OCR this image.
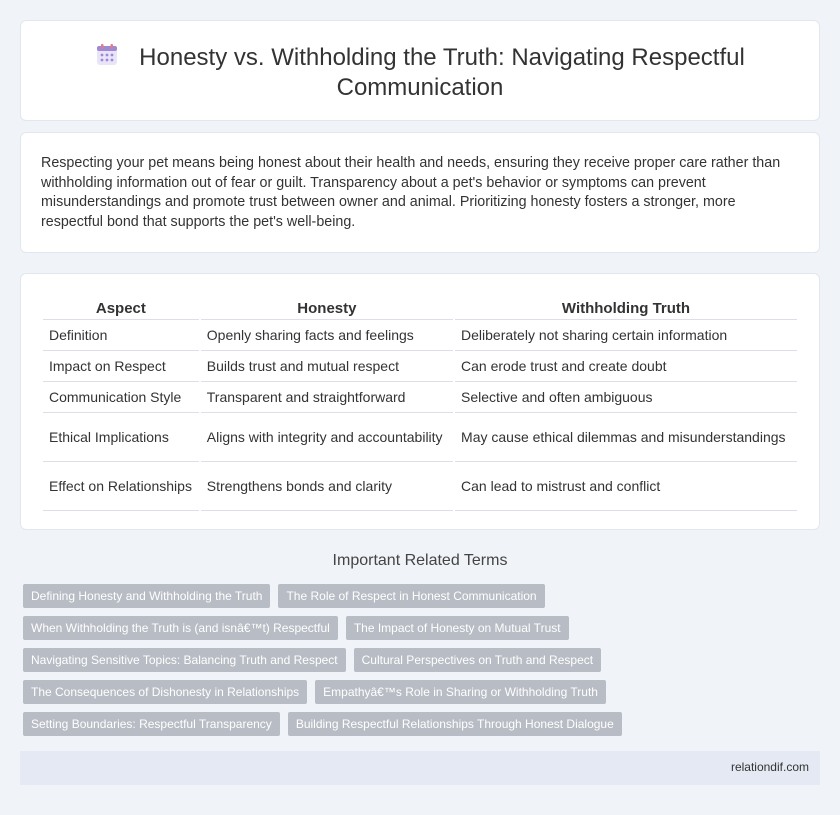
Honesty vs. Withholding the Truth: Navigating Respectful
Communication

Respecting your pet means being honest about their health and needs, ensuring they receive proper care rather than withholding information out of fear or guilt. Transparency about a pet's behavior or symptoms can prevent misunderstandings and promote trust between owner and animal. Prioritizing honesty fosters a stronger, more respectful bond that supports the pet's well-being.

Aspect	Honesty	Withholding Truth
Definition	Openly sharing facts and feelings	Deliberately not sharing certain information
Impact on Respect	Builds trust and mutual respect	Can erode trust and create doubt
Communication Style	Transparent and straightforward	Selective and often ambiguous
Ethical Implications	Aligns with integrity and accountability	May cause ethical dilemmas and misunderstandings
Effect on Relationships	Strengthens bonds and clarity	Can lead to mistrust and conflict
Important Related Terms
Defining Honesty and Withholding the Truth	The Role of Respect in Honest Communication
When Withholding the Truth is (and isnâ€™t) Respectful	The Impact of Honesty on Mutual Trust
Navigating Sensitive Topics: Balancing Truth and Respect	Cultural Perspectives on Truth and Respect
The Consequences of Dishonesty in Relationships	Empathyâ€™s Role in Sharing or Withholding Truth
Setting Boundaries: Respectful Transparency	Building Respectful Relationships Through Honest Dialogue
relationdif.com
